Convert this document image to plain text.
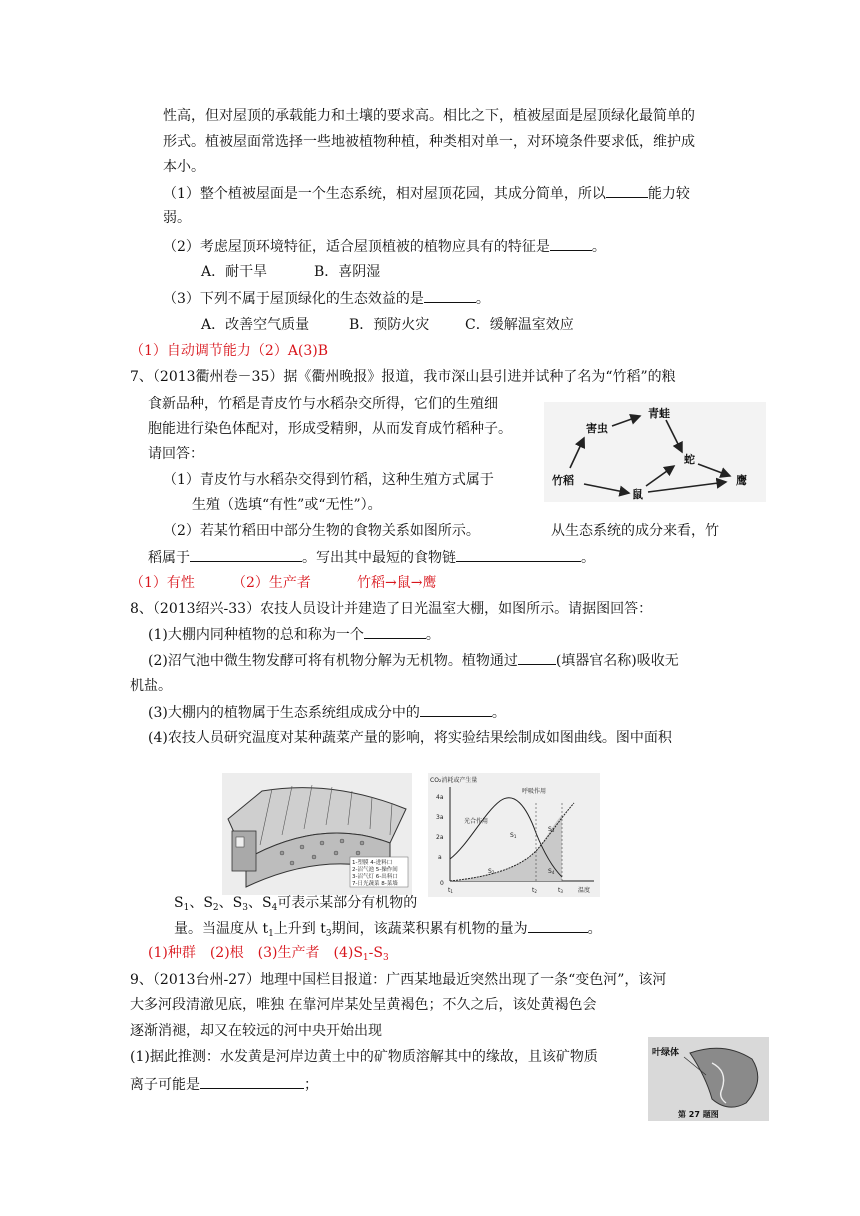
性高，但对屋顶的承载能力和土壤的要求高。相比之下，植被屋面是屋顶绿化最简单的
形式。植被屋面常选择一些地被植物种植，种类相对单一，对环境条件要求低，维护成
本小。
（1）整个植被屋面是一个生态系统，相对屋顶花园，其成分简单，所以	能力较
弱。
（2）考虑屋顶环境特征，适合屋顶植被的植物应具有的特征是	。
A．耐干旱	B．喜阴湿
（3）下列不属于屋顶绿化的生态效益的是	。
A．改善空气质量	B．预防火灾	C．缓解温室效应
（1）自动调节能力（2）A(3)B
7、（2013衢州卷－35）据《衢州晚报》报道，我市深山县引进并试种了名为“竹稻”的粮
食新品种，竹稻是青皮竹与水稻杂交所得，它们的生殖细
胞能进行染色体配对，形成受精卵，从而发育成竹稻种子。
请回答：
（1）青皮竹与水稻杂交得到竹稻，这种生殖方式属于
生殖（选填“有性”或“无性”）。
（2）若某竹稻田中部分生物的食物关系如图所示。	从生态系统的成分来看，竹
稻属于	。写出其中最短的食物链	。
（1）有性	（2）生产者	竹稻→鼠→鹰
害虫
青蛙
蛇
竹稻
鼠
鹰
8、（2013绍兴-33）农技人员设计并建造了日光温室大棚，如图所示。请据图回答：
(1)大棚内同种植物的总和称为一个	。
(2)沼气池中微生物发酵可将有机物分解为无机物。植物通过	(填器官名称)吸收无
机盐。
(3)大棚内的植物属于生态系统组成成分中的	。
(4)农技人员研究温度对某种蔬菜产量的影响，将实验结果绘制成如图曲线。图中面积
1-塑膜 4-进料口
2-沼气池 5-操作间
3-沼气灯 6-出料口
7-日光蔬菜 8-菜墙
CO₂消耗或产生量
呼吸作用
光合作用
4a
3a
2a
a
0
t1	t2	t3	温度
S1
S2
S3
S4
$S_1$、$S_2$、$S_3$、$S_4$可表示某部分有机物的
量。当温度从 $t_1$上升到 $t_3$期间，该蔬菜积累有机物的量为	。
(1)种群　(2)根　(3)生产者　$(4)S_1-S_3$
9、（2013台州-27）地理中国栏目报道：广西某地最近突然出现了一条“变色河”，该河
大多河段清澈见底，唯独 在靠河岸某处呈黄褐色；不久之后，该处黄褐色会
逐渐消褪，却又在较远的河中央开始出现
(1)据此推测：水发黄是河岸边黄土中的矿物质溶解其中的缘故，且该矿物质
离子可能是	；
叶绿体
第 27 题图
